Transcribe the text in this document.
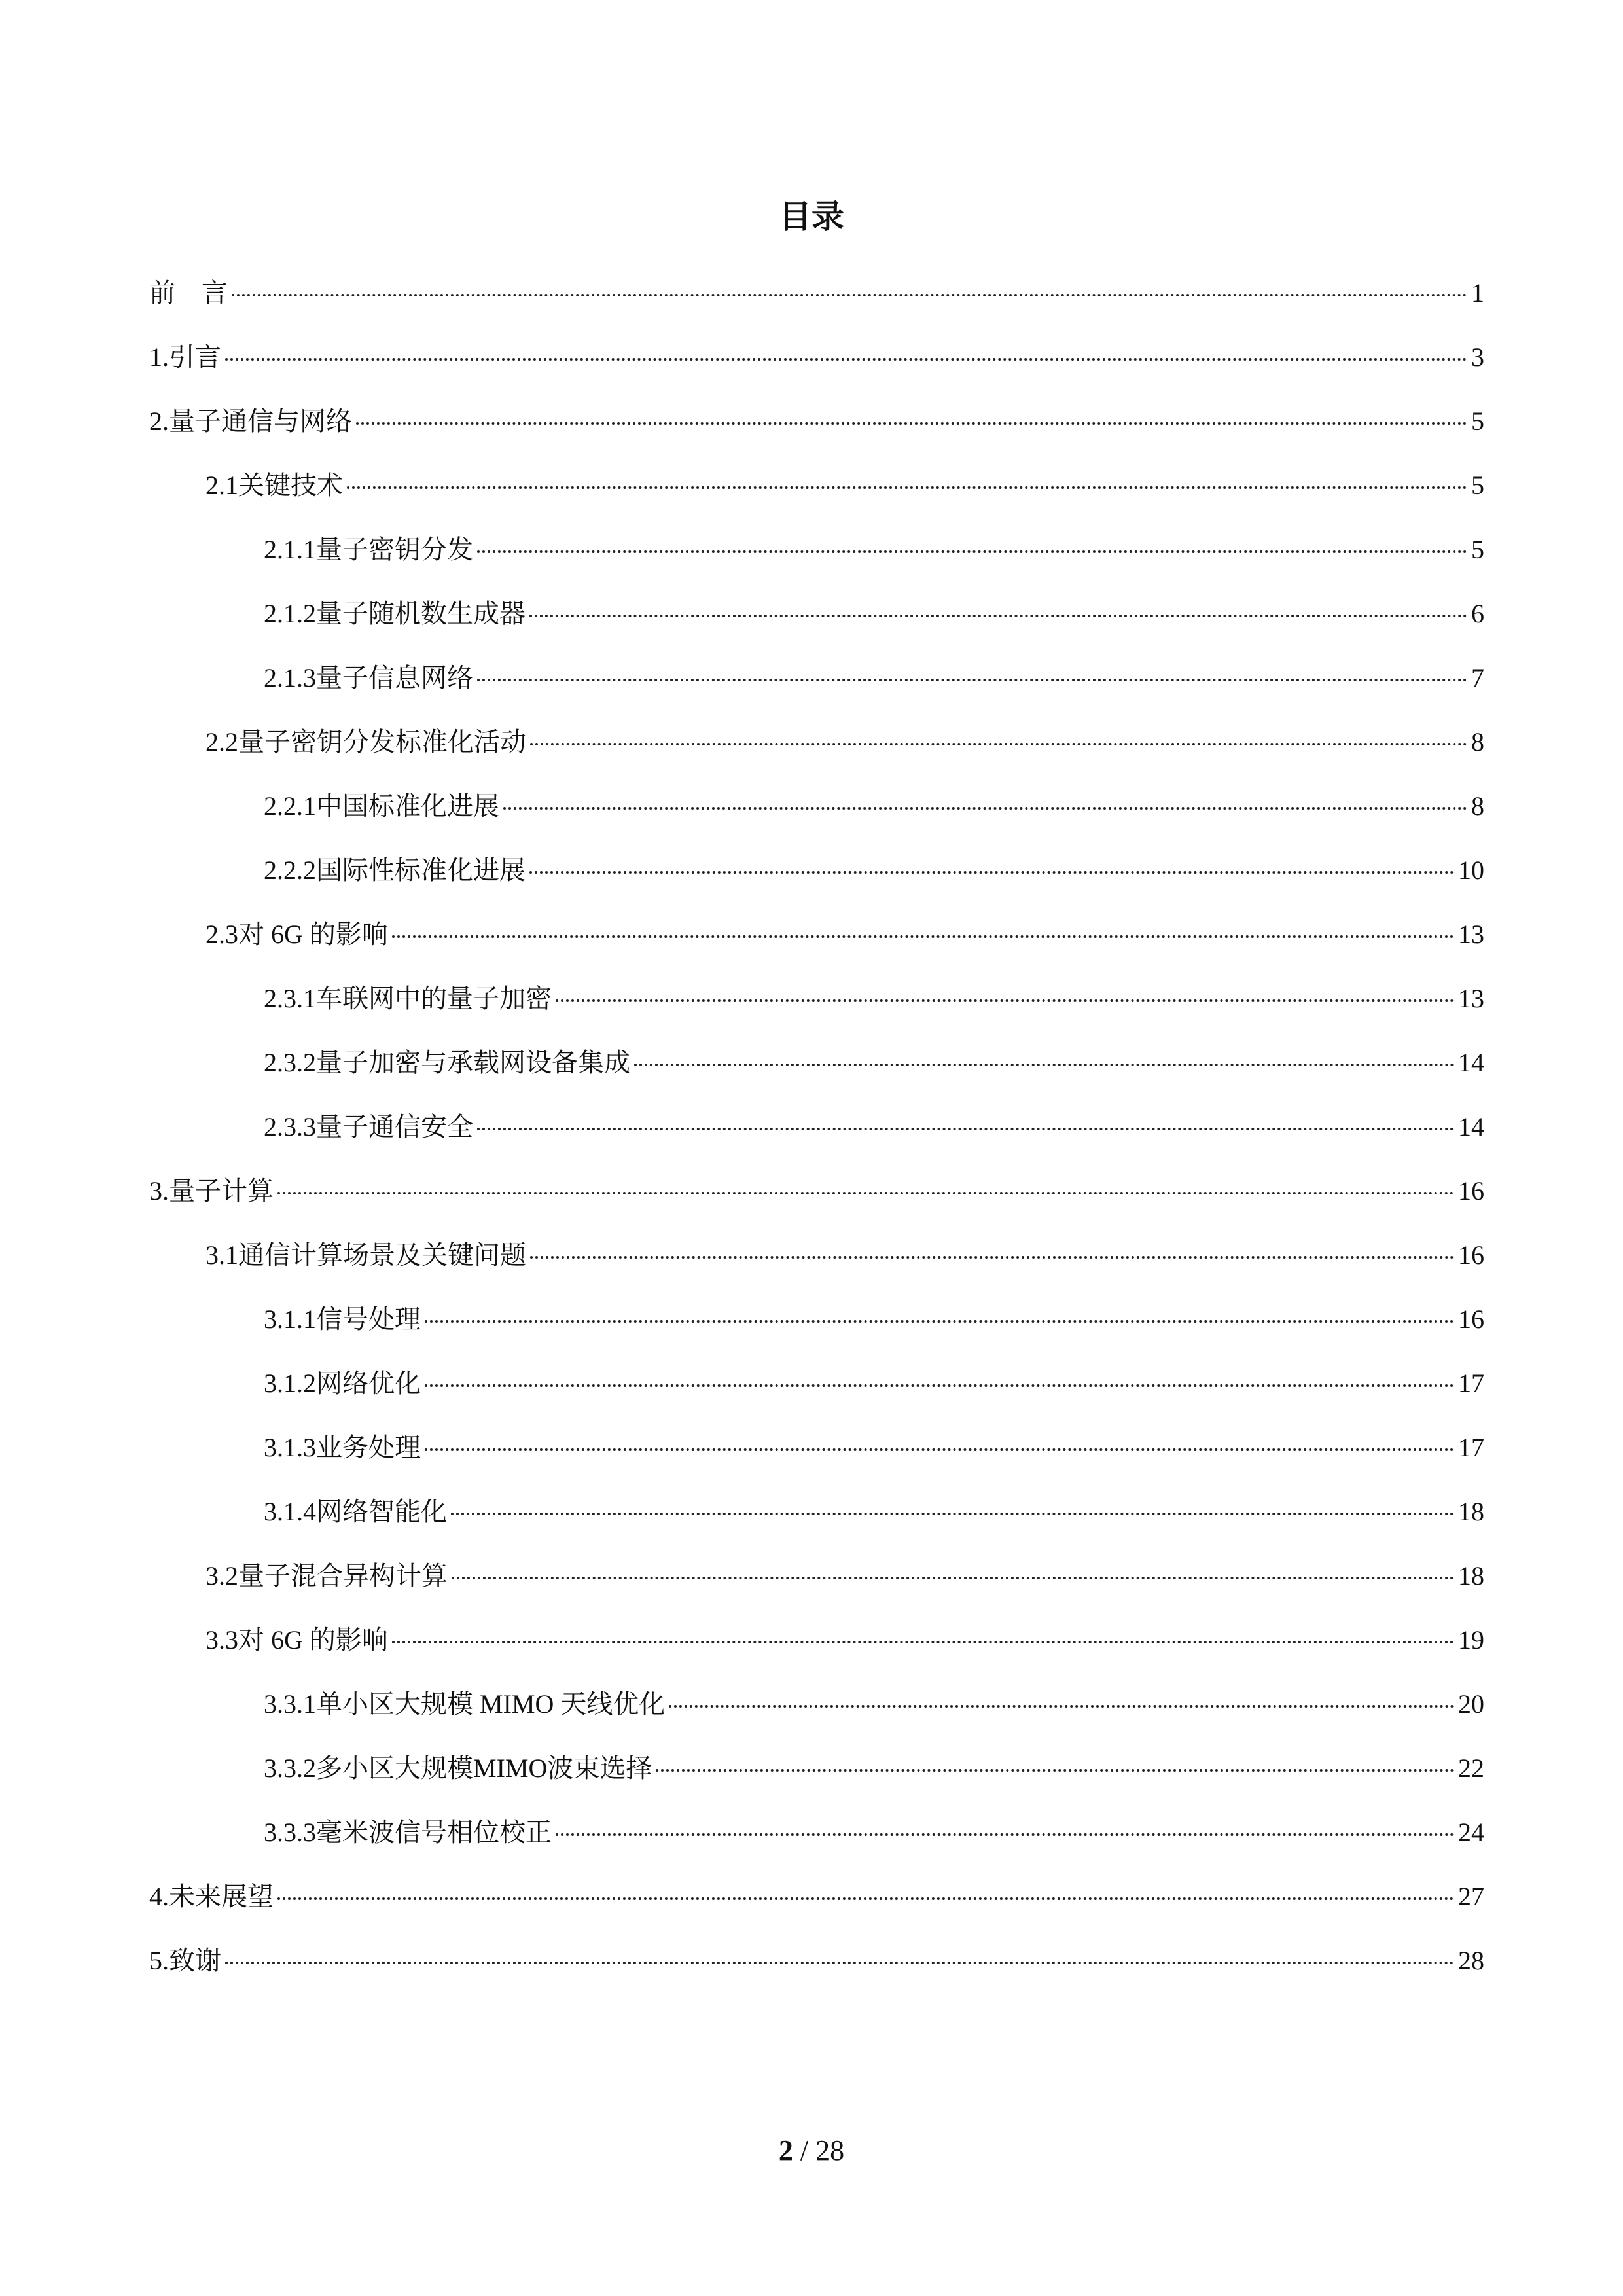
目录
前　言	1
1.引言	3
2.量子通信与网络	5
2.1关键技术	5
2.1.1量子密钥分发	5
2.1.2量子随机数生成器	6
2.1.3量子信息网络	7
2.2量子密钥分发标准化活动	8
2.2.1中国标准化进展	8
2.2.2国际性标准化进展	10
2.3对 6G 的影响	13
2.3.1车联网中的量子加密	13
2.3.2量子加密与承载网设备集成	14
2.3.3量子通信安全	14
3.量子计算	16
3.1通信计算场景及关键问题	16
3.1.1信号处理	16
3.1.2网络优化	17
3.1.3业务处理	17
3.1.4网络智能化	18
3.2量子混合异构计算	18
3.3对 6G 的影响	19
3.3.1单小区大规模 MIMO 天线优化	20
3.3.2多小区大规模MIMO波束选择	22
3.3.3毫米波信号相位校正	24
4.未来展望	27
5.致谢	28
2 / 28
